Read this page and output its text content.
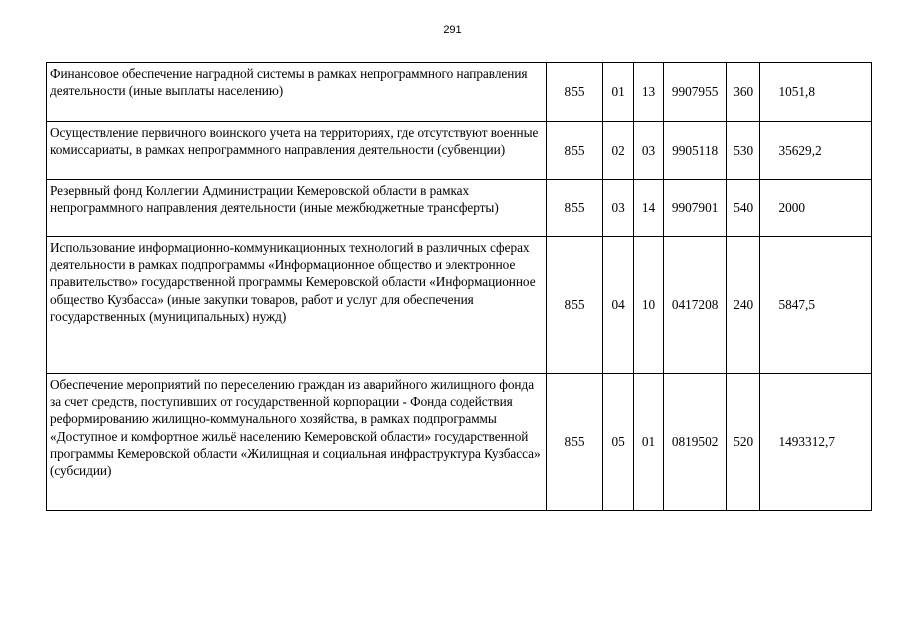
291
Финансовое обеспечение наградной системы в рамках непрограммного направления деятельности (иные выплаты населению)	855	01	13	9907955	360	1051,8
Осуществление первичного воинского учета на территориях, где отсутствуют военные комиссариаты, в рамках непрограммного направления деятельности (субвенции)	855	02	03	9905118	530	35629,2
Резервный фонд Коллегии Администрации Кемеровской области в рамках непрограммного направления деятельности (иные межбюджетные трансферты)	855	03	14	9907901	540	2000
Использование информационно-коммуникационных технологий в различных сферах деятельности в рамках подпрограммы «Информационное общество и электронное правительство» государственной программы Кемеровской области «Информационное общество Кузбасса» (иные закупки товаров, работ и услуг для обеспечения государственных (муниципальных) нужд)	855	04	10	0417208	240	5847,5
Обеспечение мероприятий по переселению граждан из аварийного жилищного фонда за счет средств, поступивших от государственной корпорации - Фонда содействия реформированию жилищно-коммунального хозяйства, в рамках подпрограммы «Доступное и комфортное жильё населению Кемеровской области» государственной программы Кемеровской области «Жилищная и социальная инфраструктура Кузбасса» (субсидии)	855	05	01	0819502	520	1493312,7
